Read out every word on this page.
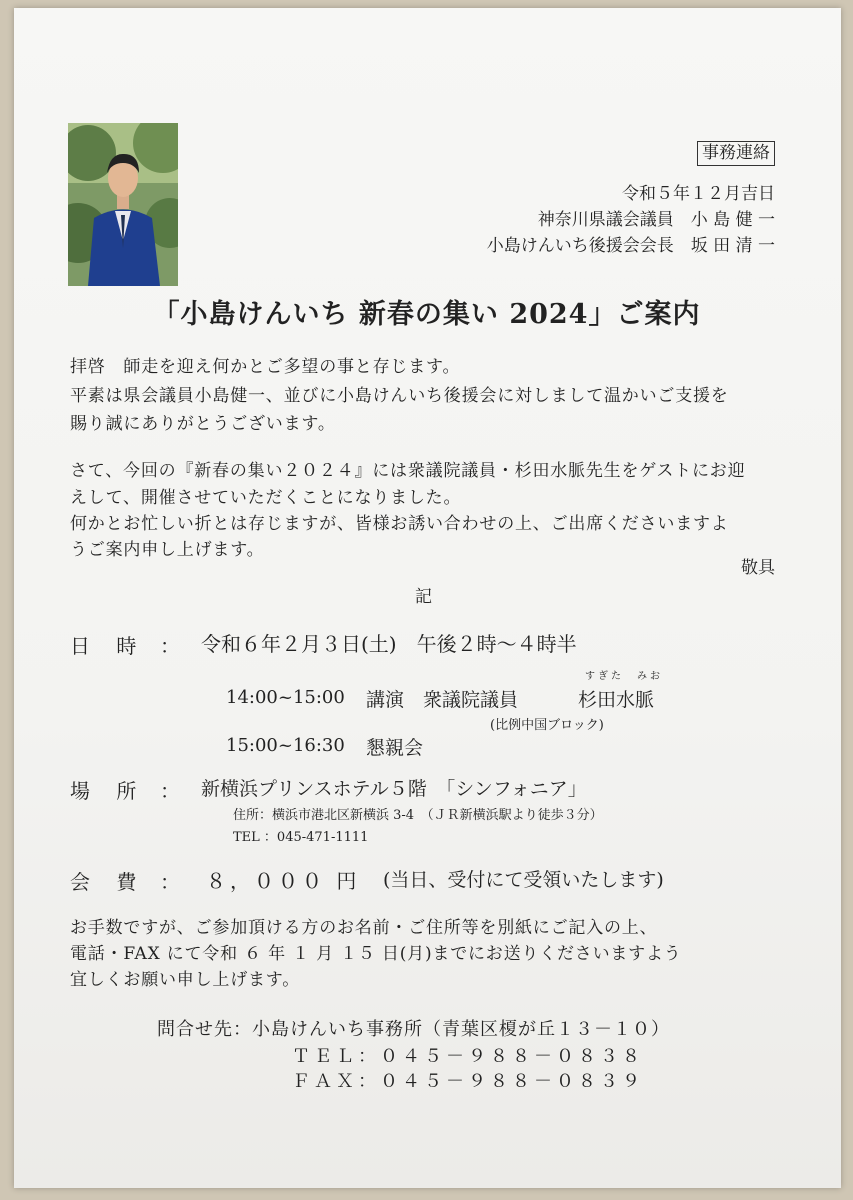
事務連絡
令和５年１２月吉日
神奈川県議会議員　小 島 健 一
小島けんいち後援会会長　坂 田 清 一
「小島けんいち 新春の集い 2024」ご案内
拝啓　師走を迎え何かとご多望の事と存じます。
平素は県会議員小島健一、並びに小島けんいち後援会に対しまして温かいご支援を
賜り誠にありがとうございます。
さて、今回の『新春の集い２０２４』には衆議院議員・杉田水脈先生をゲストにお迎
えして、開催させていただくことになりました。
何かとお忙しい折とは存じますが、皆様お誘い合わせの上、ご出席くださいますよ
うご案内申し上げます。
敬具
記
日 時 ： 令和６年２月３日(土)　午後２時〜４時半
すぎた　みお
14:00~15:00 講演　衆議院議員	杉田水脈
(比例中国ブロック)
15:00~16:30 懇親会
場 所 ： 新横浜プリンスホテル５階　「シンフォニア」
住所：横浜市港北区新横浜 3-4　（ＪＲ新横浜駅より徒歩３分）
TEL ：045-471-1111
会 費 ： ８，０００ 円 (当日、受付にて受領いたします)
お手数ですが、ご参加頂ける方のお名前・ご住所等を別紙にご記入の上、
電話・FAX にて令和 ６ 年 １ 月 １５ 日(月)までにお送りくださいますよう
宜しくお願い申し上げます。
問合せ先：小島けんいち事務所（青葉区榎が丘１３－１０）
ＴＥＬ：０４５－９８８－０８３８
ＦＡＸ：０４５－９８８－０８３９
